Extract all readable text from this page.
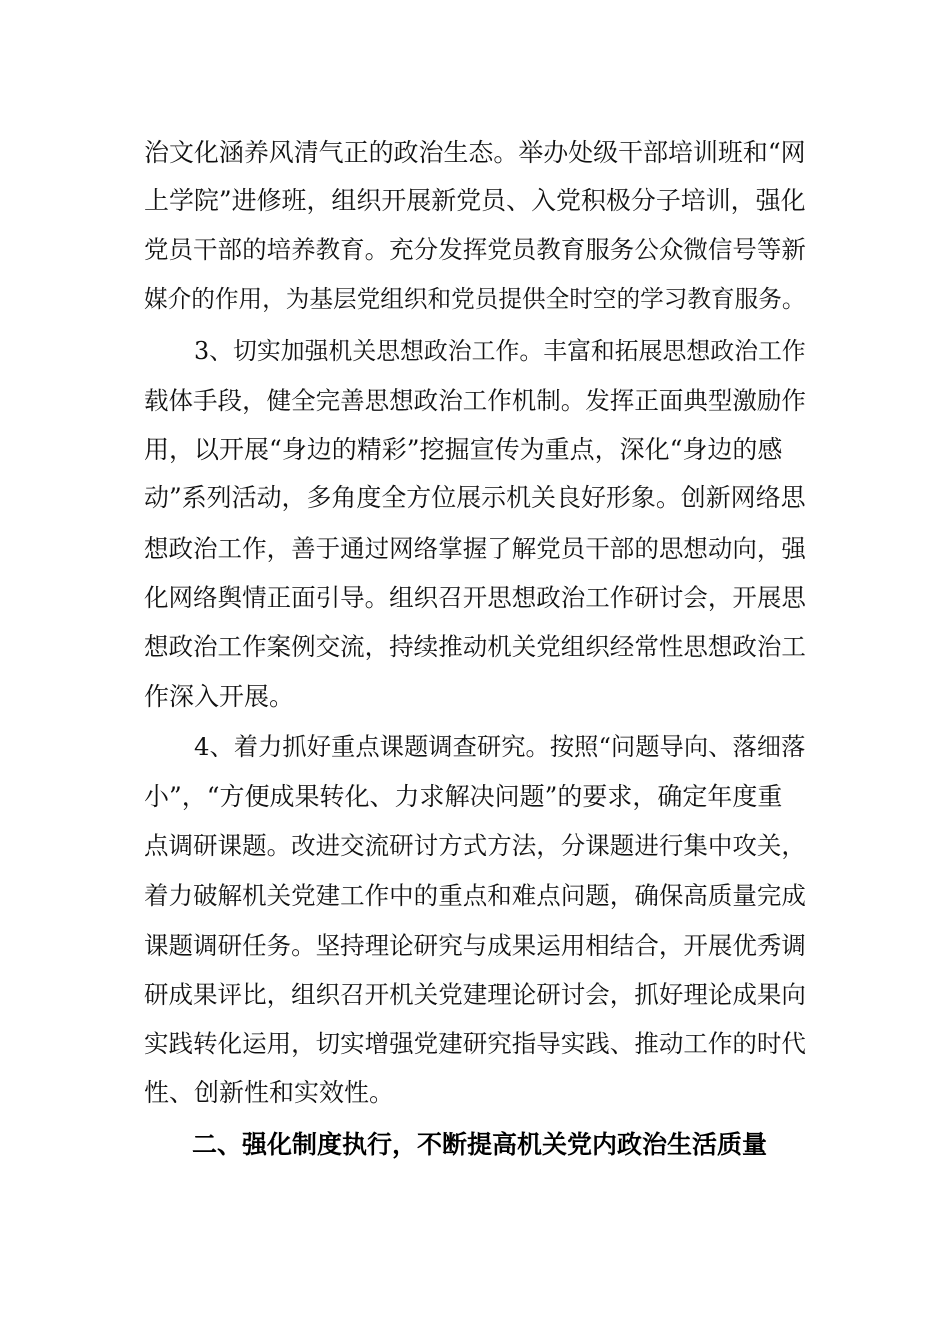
治文化涵养风清气正的政治生态。举办处级干部培训班和“网
上学院”进修班，组织开展新党员、入党积极分子培训，强化
党员干部的培养教育。充分发挥党员教育服务公众微信号等新
媒介的作用，为基层党组织和党员提供全时空的学习教育服务。
3、切实加强机关思想政治工作。丰富和拓展思想政治工作
载体手段，健全完善思想政治工作机制。发挥正面典型激励作
用，以开展“身边的精彩”挖掘宣传为重点，深化“身边的感
动”系列活动，多角度全方位展示机关良好形象。创新网络思
想政治工作，善于通过网络掌握了解党员干部的思想动向，强
化网络舆情正面引导。组织召开思想政治工作研讨会，开展思
想政治工作案例交流，持续推动机关党组织经常性思想政治工
作深入开展。
4、着力抓好重点课题调查研究。按照“问题导向、落细落
小”，“方便成果转化、力求解决问题”的要求，确定年度重
点调研课题。改进交流研讨方式方法，分课题进行集中攻关，
着力破解机关党建工作中的重点和难点问题，确保高质量完成
课题调研任务。坚持理论研究与成果运用相结合，开展优秀调
研成果评比，组织召开机关党建理论研讨会，抓好理论成果向
实践转化运用，切实增强党建研究指导实践、推动工作的时代
性、创新性和实效性。
二、强化制度执行，不断提高机关党内政治生活质量
